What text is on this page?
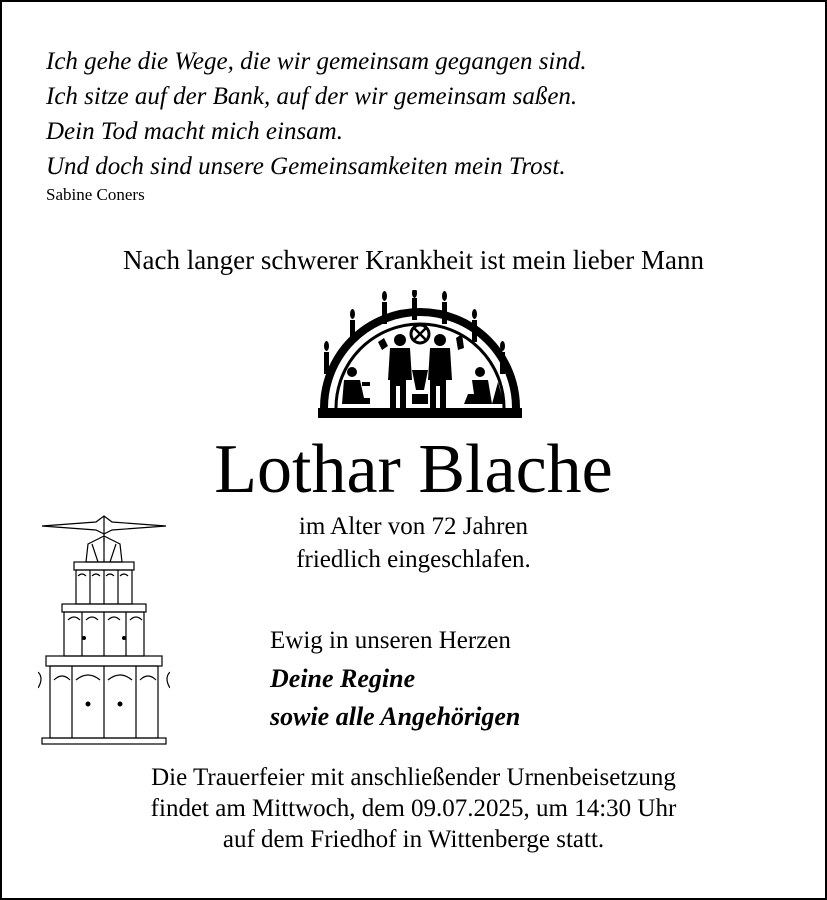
Ich gehe die Wege, die wir gemeinsam gegangen sind.
Ich sitze auf der Bank, auf der wir gemeinsam saßen.
Dein Tod macht mich einsam.
Und doch sind unsere Gemeinsamkeiten mein Trost.
Sabine Coners
Nach langer schwerer Krankheit ist mein lieber Mann
Lothar Blache
im Alter von 72 Jahren
friedlich eingeschlafen.
Ewig in unseren Herzen
Deine Regine
sowie alle Angehörigen
Die Trauerfeier mit anschließender Urnenbeisetzung
findet am Mittwoch, dem 09.07.2025, um 14:30 Uhr
auf dem Friedhof in Wittenberge statt.
